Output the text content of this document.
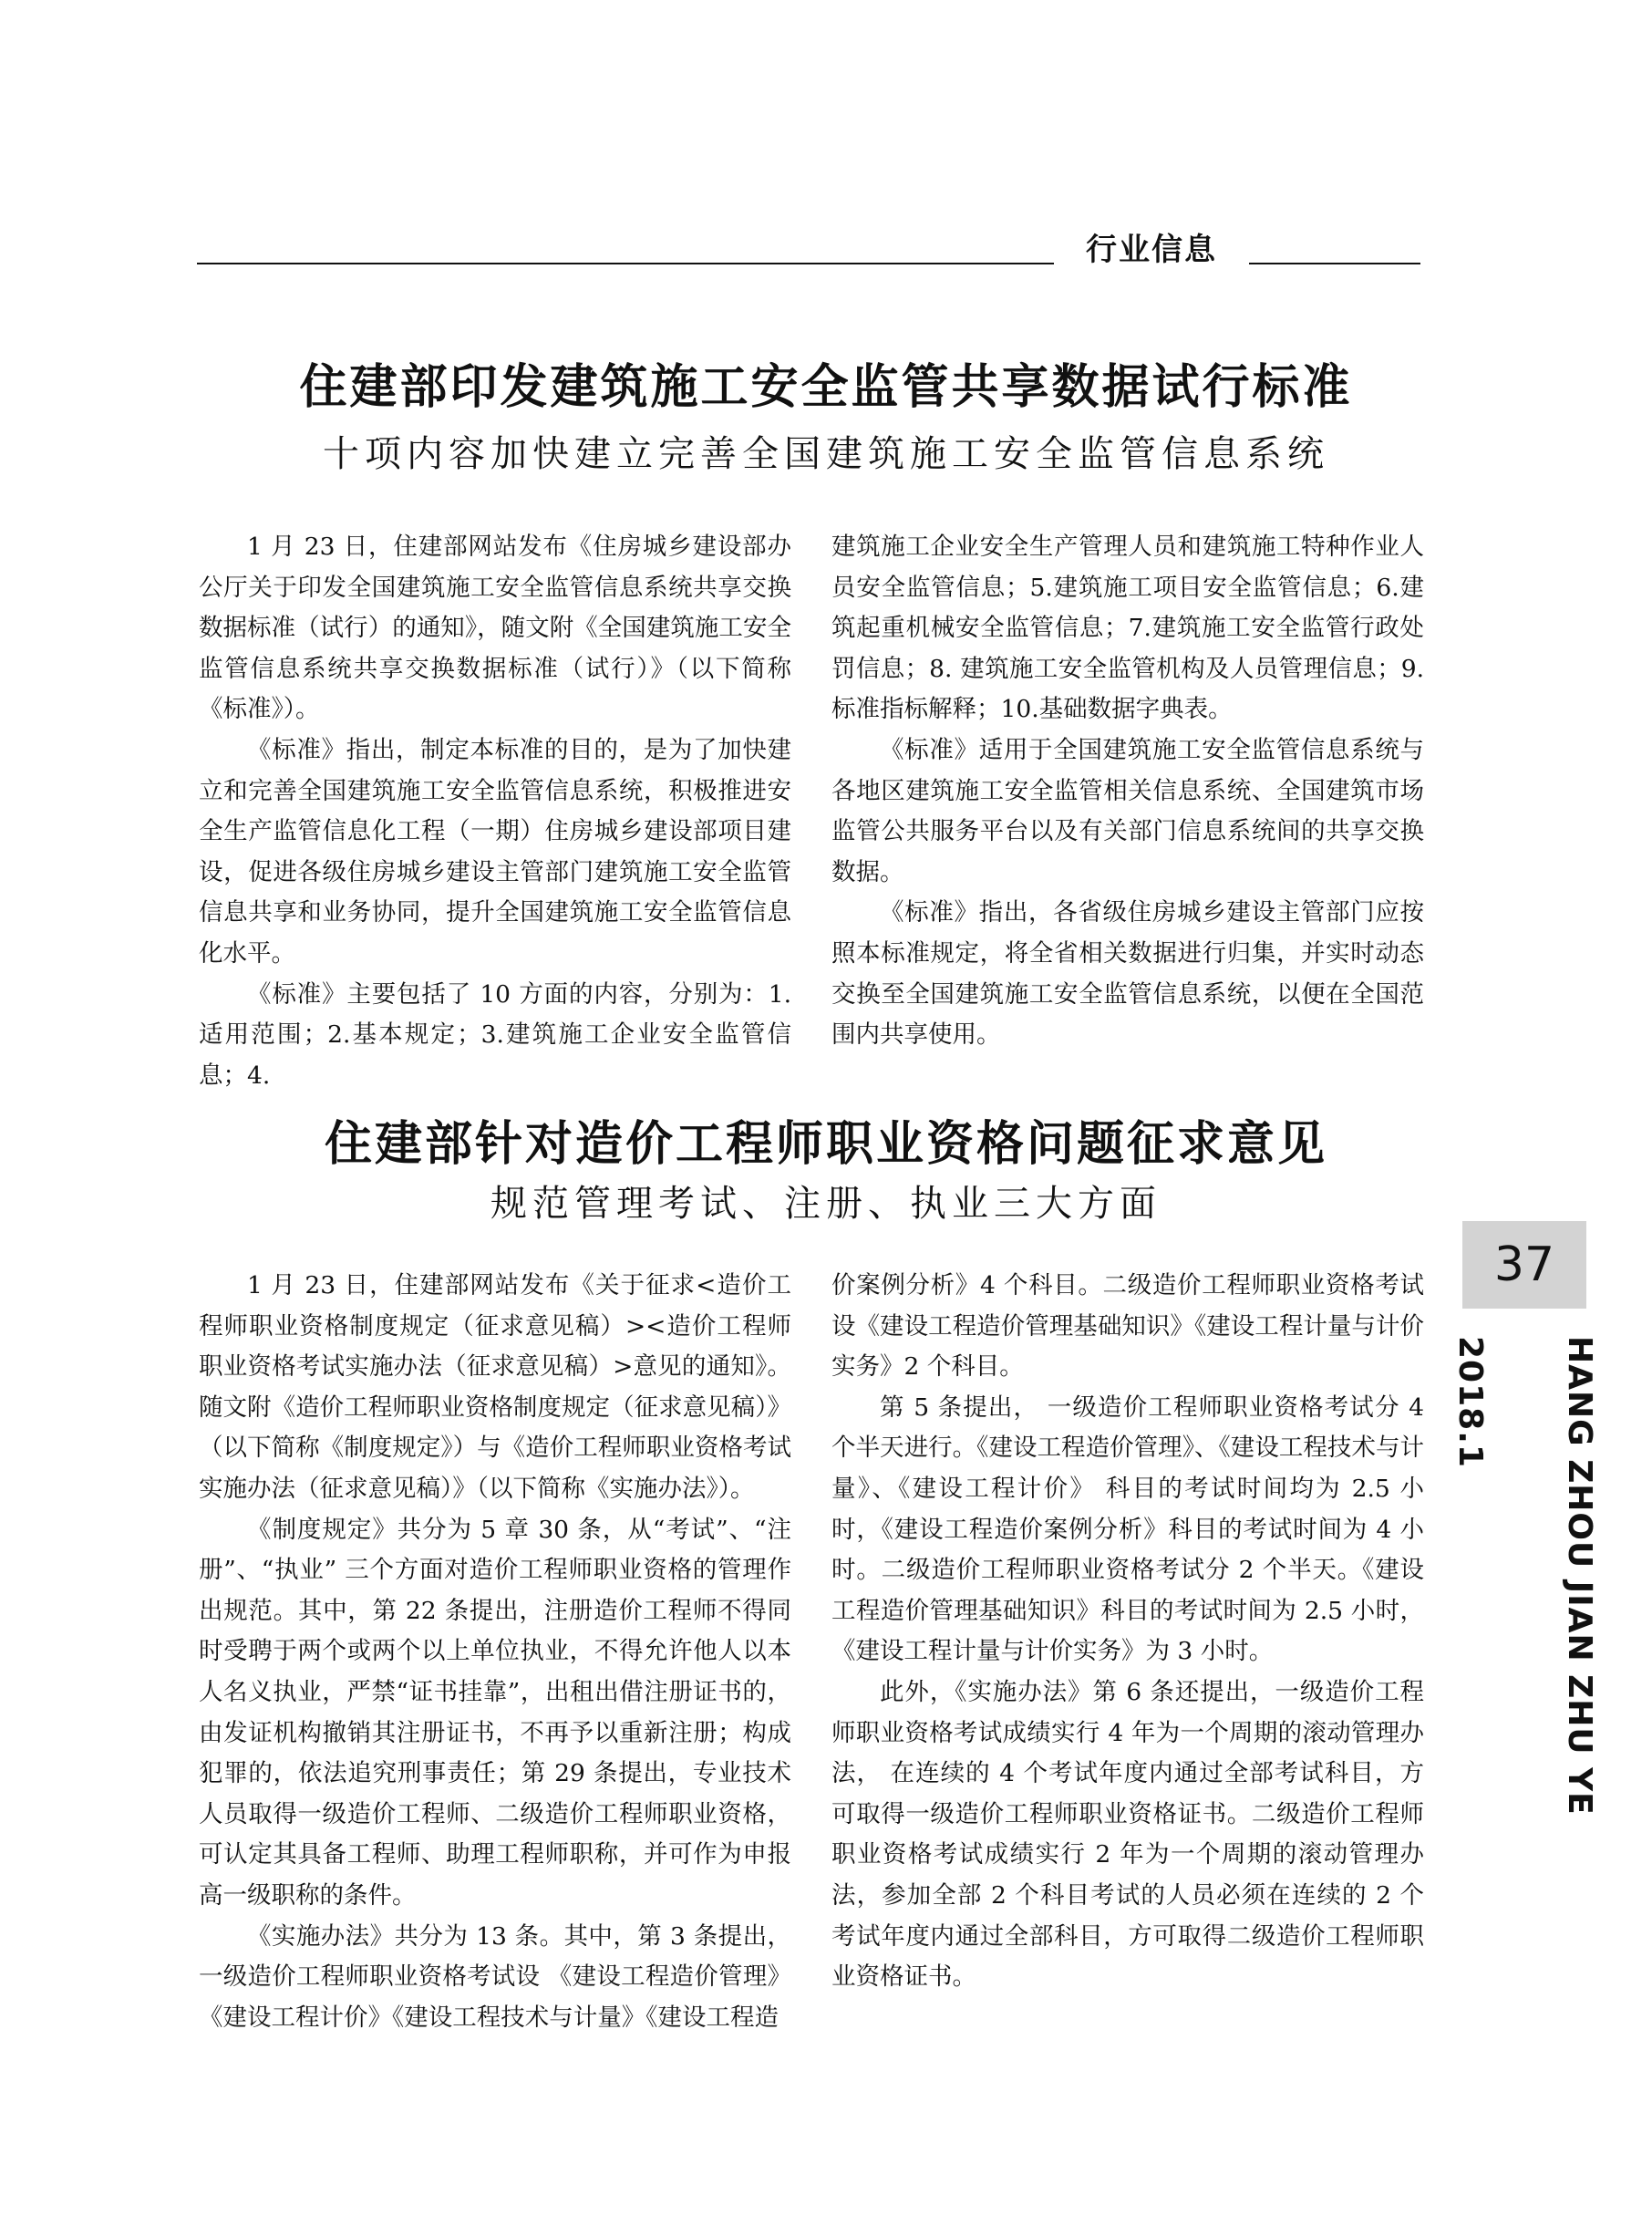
行业信息
住建部印发建筑施工安全监管共享数据试行标准
十项内容加快建立完善全国建筑施工安全监管信息系统

1 月 23 日，住建部网站发布《住房城乡建设部办公厅关于印发全国建筑施工安全监管信息系统共享交换数据标准（试行）的通知》，随文附《全国建筑施工安全监管信息系统共享交换数据标准（试行）》（以下简称《标准》）。

《标准》指出，制定本标准的目的，是为了加快建立和完善全国建筑施工安全监管信息系统，积极推进安全生产监管信息化工程（一期）住房城乡建设部项目建设，促进各级住房城乡建设主管部门建筑施工安全监管信息共享和业务协同，提升全国建筑施工安全监管信息化水平。

《标准》主要包括了 10 方面的内容，分别为：1.适用范围；2.基本规定；3.建筑施工企业安全监管信息；4.

建筑施工企业安全生产管理人员和建筑施工特种作业人员安全监管信息；5.建筑施工项目安全监管信息；6.建筑起重机械安全监管信息；7.建筑施工安全监管行政处罚信息；8. 建筑施工安全监管机构及人员管理信息；9.标准指标解释；10.基础数据字典表。

《标准》适用于全国建筑施工安全监管信息系统与各地区建筑施工安全监管相关信息系统、全国建筑市场监管公共服务平台以及有关部门信息系统间的共享交换数据。

《标准》指出，各省级住房城乡建设主管部门应按照本标准规定，将全省相关数据进行归集，并实时动态交换至全国建筑施工安全监管信息系统，以便在全国范围内共享使用。

住建部针对造价工程师职业资格问题征求意见
规范管理考试、注册、执业三大方面

1 月 23 日，住建部网站发布《关于征求<造价工程师职业资格制度规定（征求意见稿）><造价工程师职业资格考试实施办法（征求意见稿）>意见的通知》。随文附《造价工程师职业资格制度规定（征求意见稿）》（以下简称《制度规定》）与《造价工程师职业资格考试实施办法（征求意见稿）》（以下简称《实施办法》）。

《制度规定》共分为 5 章 30 条，从“考试”、“注册”、“执业” 三个方面对造价工程师职业资格的管理作出规范。其中，第 22 条提出，注册造价工程师不得同时受聘于两个或两个以上单位执业，不得允许他人以本人名义执业，严禁“证书挂靠”，出租出借注册证书的，由发证机构撤销其注册证书，不再予以重新注册；构成犯罪的，依法追究刑事责任；第 29 条提出，专业技术人员取得一级造价工程师、二级造价工程师职业资格，可认定其具备工程师、助理工程师职称，并可作为申报高一级职称的条件。

《实施办法》共分为 13 条。其中，第 3 条提出，一级造价工程师职业资格考试设 《建设工程造价管理》《建设工程计价》《建设工程技术与计量》《建设工程造

价案例分析》4 个科目。二级造价工程师职业资格考试设《建设工程造价管理基础知识》《建设工程计量与计价实务》2 个科目。

第 5 条提出， 一级造价工程师职业资格考试分 4 个半天进行。《建设工程造价管理》、《建设工程技术与计量》、《建设工程计价》 科目的考试时间均为 2.5 小时，《建设工程造价案例分析》科目的考试时间为 4 小时。二级造价工程师职业资格考试分 2 个半天。《建设工程造价管理基础知识》科目的考试时间为 2.5 小时，《建设工程计量与计价实务》为 3 小时。

此外，《实施办法》第 6 条还提出，一级造价工程师职业资格考试成绩实行 4 年为一个周期的滚动管理办法， 在连续的 4 个考试年度内通过全部考试科目，方可取得一级造价工程师职业资格证书。二级造价工程师职业资格考试成绩实行 2 年为一个周期的滚动管理办法，参加全部 2 个科目考试的人员必须在连续的 2 个考试年度内通过全部科目，方可取得二级造价工程师职业资格证书。

37
HANG ZHOU JIAN ZHU YE 2018.1
